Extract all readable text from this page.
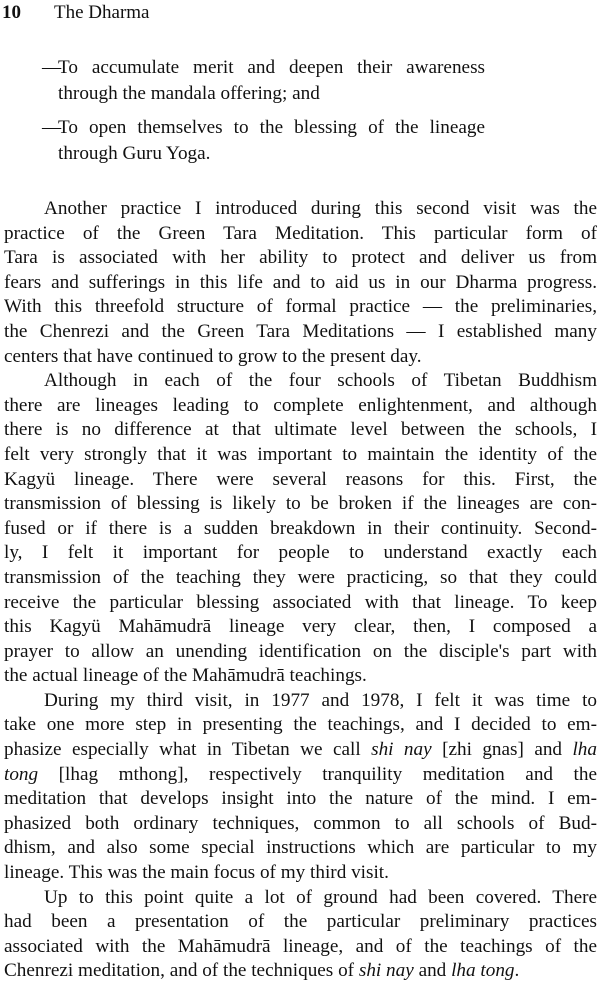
10 The Dharma
—
To accumulate merit and deepen their awareness
through the mandala offering; and
—
To open themselves to the blessing of the lineage
through Guru Yoga.
Another practice I introduced during this second visit was the
practice of the Green Tara Meditation. This particular form of
Tara is associated with her ability to protect and deliver us from
fears and sufferings in this life and to aid us in our Dharma progress.
With this threefold structure of formal practice — the preliminaries,
the Chenrezi and the Green Tara Meditations — I established many
centers that have continued to grow to the present day.
Although in each of the four schools of Tibetan Buddhism
there are lineages leading to complete enlightenment, and although
there is no difference at that ultimate level between the schools, I
felt very strongly that it was important to maintain the identity of the
Kagyü lineage. There were several reasons for this. First, the
transmission of blessing is likely to be broken if the lineages are con-
fused or if there is a sudden breakdown in their continuity. Second-
ly, I felt it important for people to understand exactly each
transmission of the teaching they were practicing, so that they could
receive the particular blessing associated with that lineage. To keep
this Kagyü Mahāmudrā lineage very clear, then, I composed a
prayer to allow an unending identification on the disciple's part with
the actual lineage of the Mahāmudrā teachings.
During my third visit, in 1977 and 1978, I felt it was time to
take one more step in presenting the teachings, and I decided to em-
phasize especially what in Tibetan we call shi nay [zhi gnas] and lha
tong [lhag mthong], respectively tranquility meditation and the
meditation that develops insight into the nature of the mind. I em-
phasized both ordinary techniques, common to all schools of Bud-
dhism, and also some special instructions which are particular to my
lineage. This was the main focus of my third visit.
Up to this point quite a lot of ground had been covered. There
had been a presentation of the particular preliminary practices
associated with the Mahāmudrā lineage, and of the teachings of the
Chenrezi meditation, and of the techniques of shi nay and lha tong.
